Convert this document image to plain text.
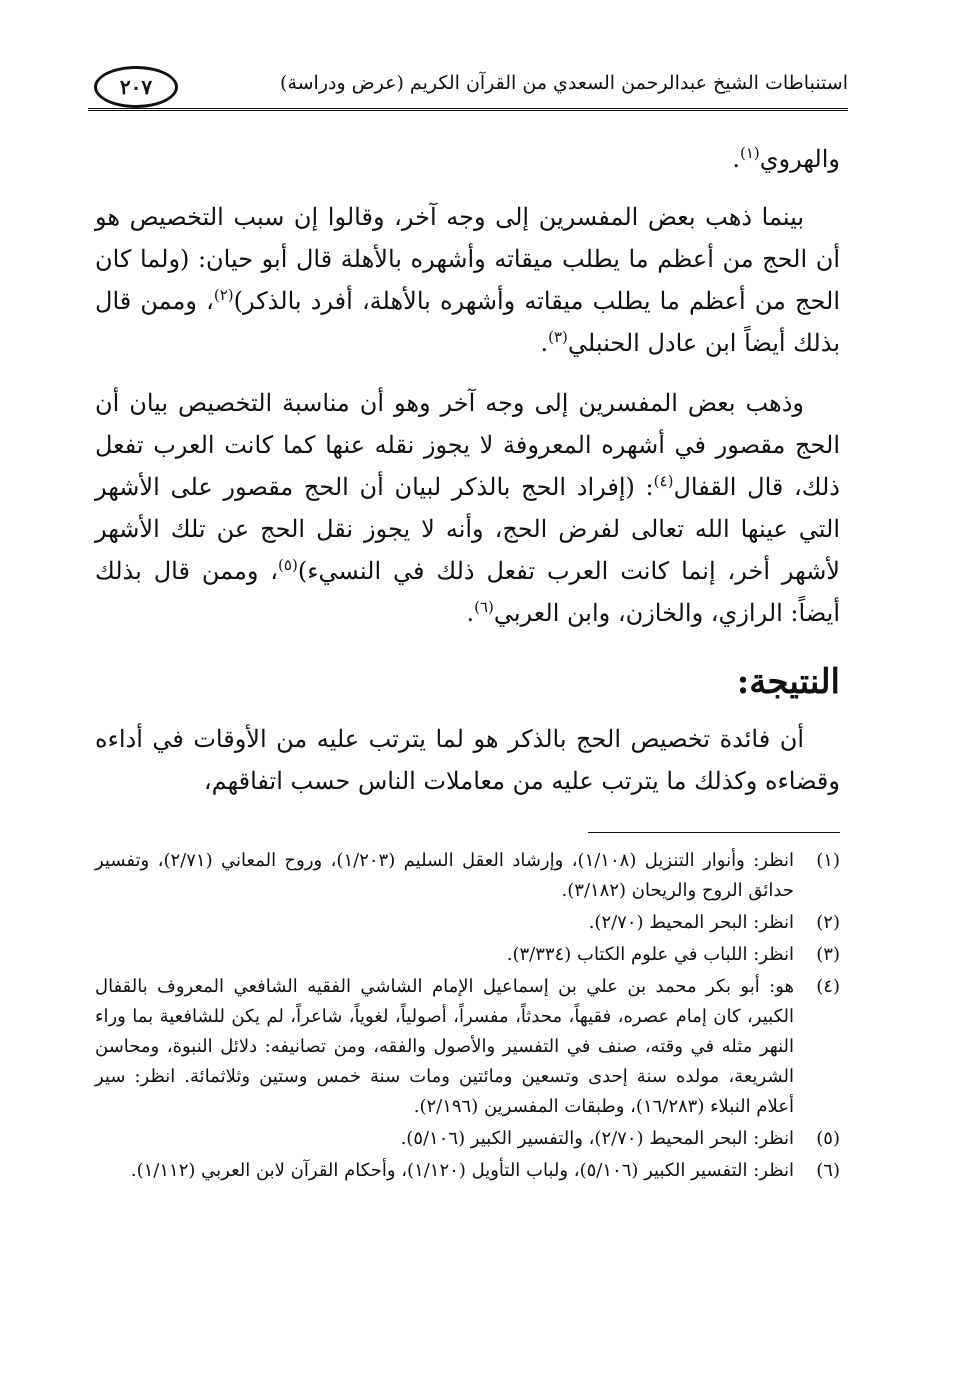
٢٠٧	استنباطات الشيخ عبدالرحمن السعدي من القرآن الكريم (عرض ودراسة)
والهروي$^{(١)}$.
بينما ذهب بعض المفسرين إلى وجه آخر، وقالوا إن سبب التخصيص هو أن الحج من أعظم ما يطلب ميقاته وأشهره بالأهلة قال أبو حيان: (ولما كان الحج من أعظم ما يطلب ميقاته وأشهره بالأهلة، أفرد بالذكر)$^{(٢)}$، وممن قال بذلك أيضاً ابن عادل الحنبلي$^{(٣)}$.
وذهب بعض المفسرين إلى وجه آخر وهو أن مناسبة التخصيص بيان أن الحج مقصور في أشهره المعروفة لا يجوز نقله عنها كما كانت العرب تفعل ذلك، قال القفال$^{(٤)}$: (إفراد الحج بالذكر لبيان أن الحج مقصور على الأشهر التي عينها الله تعالى لفرض الحج، وأنه لا يجوز نقل الحج عن تلك الأشهر لأشهر أخر، إنما كانت العرب تفعل ذلك في النسيء)$^{(٥)}$، وممن قال بذلك أيضاً: الرازي، والخازن، وابن العربي$^{(٦)}$.
النتيجة:
أن فائدة تخصيص الحج بالذكر هو لما يترتب عليه من الأوقات في أداءه وقضاءه وكذلك ما يترتب عليه من معاملات الناس حسب اتفاقهم،
(١)
انظر: وأنوار التنزيل (١/١٠٨)، وإرشاد العقل السليم (١/٢٠٣)، وروح المعاني (٢/٧١)، وتفسير حدائق الروح والريحان (٣/١٨٢).
(٢)
انظر: البحر المحيط (٢/٧٠).
(٣)
انظر: اللباب في علوم الكتاب (٣/٣٣٤).
(٤)
هو: أبو بكر محمد بن علي بن إسماعيل الإمام الشاشي الفقيه الشافعي المعروف بالقفال الكبير، كان إمام عصره، فقيهاً، محدثاً، مفسراً، أصولياً، لغوياً، شاعراً، لم يكن للشافعية بما وراء النهر مثله في وقته، صنف في التفسير والأصول والفقه، ومن تصانيفه: دلائل النبوة، ومحاسن الشريعة، مولده سنة إحدى وتسعين ومائتين ومات سنة خمس وستين وثلاثمائة. انظر: سير أعلام النبلاء (١٦/٢٨٣)، وطبقات المفسرين (٢/١٩٦).
(٥)
انظر: البحر المحيط (٢/٧٠)، والتفسير الكبير (٥/١٠٦).
(٦)
انظر: التفسير الكبير (٥/١٠٦)، ولباب التأويل (١/١٢٠)، وأحكام القرآن لابن العربي (١/١١٢).
